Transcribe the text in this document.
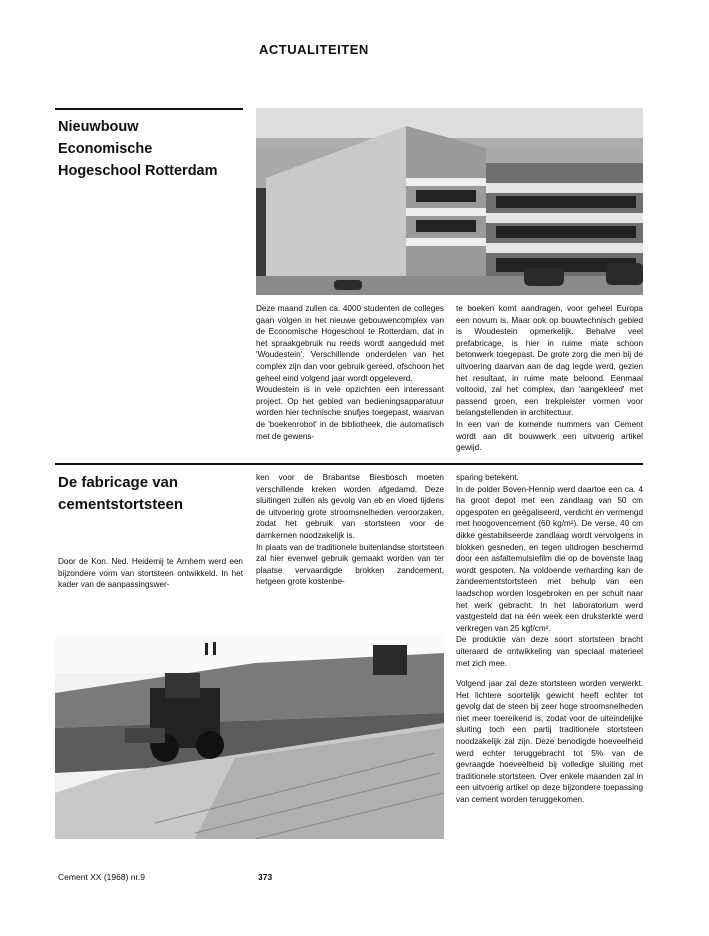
ACTUALITEITEN
Nieuwbouw
Economische
Hogeschool Rotterdam

Deze maand zullen ca. 4000 studenten de colleges gaan volgen in het nieuwe gebouwencomplex van de Economische Hogeschool te Rotterdam, dat in het spraakgebruik nu reeds wordt aangeduid met 'Woudestein'. Verschillende onderdelen van het complex zijn dan voor gebruik gereed, ofschoon het geheel eind volgend jaar wordt opgeleverd.

Woudestein is in vele opzichten een interessant project. Op het gebied van bedieningsapparatuur worden hier technische snufjes toegepast, waarvan de 'boekenrobot' in de bibliotheek, die automatisch met de gewens-

te boeken komt aandragen, voor geheel Europa een novum is. Maar ook op bouwtechnisch gebied is Woudestein opmerkelijk. Behalve veel prefabricage, is hier in ruime mate schoon betonwerk toegepast. De grote zorg die men bij de uitvoering daarvan aan de dag legde werd, gezien het resultaat, in ruime mate beloond. Eenmaal voltooid, zal het complex, dan 'aangekleed' met passend groen, een trekpleister vormen voor belangstellenden in architectuur.

In een van de komende nummers van Cement wordt aan dit bouwwerk een uitvoerig artikel gewijd.

De fabricage van
cementstortsteen
Door de Kon. Ned. Heidemij te Arnhem werd een bijzondere vorm van stortsteen ontwikkeld. In het kader van de aanpassingswer-

ken voor de Brabantse Biesbosch moeten verschillende kreken worden afgedamd. Deze sluitingen zullen als gevolg van eb en vloed tijdens de uitvoering grote stroomsnelheden veroorzaken, zodat het gebruik van stortsteen voor de damkernen noodzakelijk is.

In plaats van de traditionele buitenlandse stortsteen zal hier evenwel gebruik gemaakt worden van ter plaatse vervaardigde brokken zandcement, hetgeen grote kostenbe-

sparing betekent.

In de polder Boven-Hennip werd daartoe een ca. 4 ha groot depot met een zandlaag van 50 cm opgespoten en geëgaliseerd, verdicht en vermengd met hoogovencement (60 kg/m²). De verse, 40 cm dikke gestabiliseerde zandlaag wordt vervolgens in blokken gesneden, en tegen uitdrogen beschermd door een asfaltemulsiefilm die op de bovenste laag wordt gespoten. Na voldoende verharding kan de zandeementstortsteen met behulp van een laadschop worden losgebroken en per schuit naar het werk gebracht. In het laboratorium werd vastgesteld dat na één week een druksterkte werd verkregen van 25 kgf/cm².

De produktie van deze soort stortsteen bracht uiteraard de ontwikkeling van speciaal materieel met zich mee.

Volgend jaar zal deze stortsteen worden verwerkt. Het lichtere soortelijk gewicht heeft echter tot gevolg dat de steen bij zeer hoge stroomsnelheden niet meer toereikend is, zodat voor de uiteindelijke sluiting toch een partij traditionele stortsteen noodzakelijk zal zijn. Deze benodigde hoeveelheid werd echter teruggebracht tot 5% van de gevraagde hoeveelheid bij volledige sluiting met traditionele stortsteen. Over enkele maanden zal in een uitvoerig artikel op deze bijzondere toepassing van cement worden teruggekomen.

Cement XX (1968) nr.9	373
